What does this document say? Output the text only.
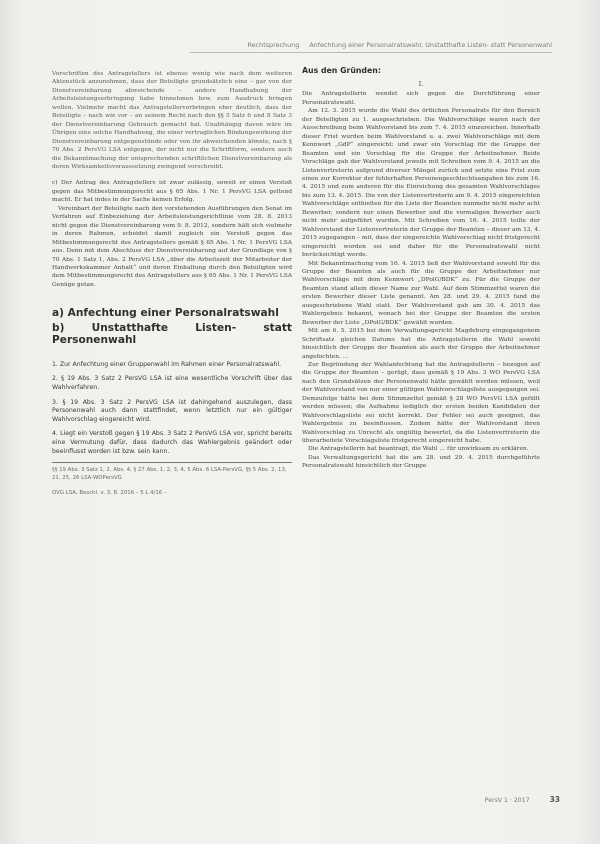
Rechtsprechung Anfechtung einer Personalratswahl; Unstatthafte Listen- statt Personenwahl

Vorschriften des Antragstellers ist ebenso wenig wie nach dem weiteren Aktenstück anzunehmen, dass der Beteiligte grundsätzlich eine – gar von der Dienstvereinbarung abweichende – andere Handhabung der Arbeitsleistungserbringung habe hinnehmen bzw. zum Ausdruck bringen wollen. Vielmehr macht das Antragstellervorbringen eher deutlich, dass der Beteiligte – nach wie vor – an seinem Recht nach den §§ 5 Satz 6 und 8 Satz 3 der Dienstvereinbarung Gebrauch gemacht hat. Unabhängig davon wäre im Übrigen eine solche Handhabung, die einer vertraglichen Bindungswirkung der Dienstvereinbarung entgegenstünde oder von ihr abweichenden könnte, nach § 70 Abs. 2 PersVG LSA entgegen, der nicht nur die Schriftform, sondern auch die Bekanntmachung der entsprechenden schriftlichen Dienstvereinbarung als deren Wirksamkeitsvoraussetzung zwingend vorschreibt.

c) Der Antrag des Antragstellers ist zwar zulässig, soweit er einen Verstoß gegen das Mitbestimmungsrecht aus § 65 Abs. 1 Nr. 1 PersVG LSA geltend macht. Er hat indes in der Sache keinen Erfolg.

Vereinbart der Beteiligte nach den vorstehenden Ausführungen den Senat im Verfahren auf Einbeziehung der Arbeitsleistungsrichtlinie vom 28. 8. 2013 nicht gegen die Dienstvereinbarung vom 9. 8. 2012, sondern hält sich vielmehr in deren Rahmen, scheidet damit zugleich ein Verstoß gegen das Mitbestimmungsrecht des Antragstellers gemäß § 65 Abs. 1 Nr. 1 PersVG LSA aus. Denn mit dem Abschluss der Dienstvereinbarung auf der Grundlage von § 70 Abs. 1 Satz 1, Abs. 2 PersVG LSA „über die Arbeitszeit der Mitarbeiter der Handwerkskammer Anhalt“ und deren Einhaltung durch den Beteiligten wird dem Mitbestimmungsrecht des Antragstellers aus § 65 Abs. 1 Nr. 1 PersVG LSA Genüge getan.

a) Anfechtung einer Personalratswahl
b) Unstatthafte Listen- statt Personenwahl

1. Zur Anfechtung einer Gruppenwahl im Rahmen einer Personalratswahl.

2. § 19 Abs. 3 Satz 2 PersVG LSA ist eine wesentliche Vorschrift über das Wahlverfahren.

3. § 19 Abs. 3 Satz 2 PersVG LSA ist dahingehend auszulegen, dass Personenwahl auch dann stattfindet, wenn letztlich nur ein gültiger Wahlvorschlag eingereicht wird.

4. Liegt ein Verstoß gegen § 19 Abs. 3 Satz 2 PersVG LSA vor, spricht bereits eine Vermutung dafür, dass dadurch das Wahlergebnis geändert oder beeinflusst worden ist bzw. sein kann.

§§ 19 Abs. 3 Satz 1, 2, Abs. 4, § 27 Abs. 1, 2, 3, 4, 5 Abs. 6 LSA-PersVG, §§ 5 Abs. 2, 13, 21, 25, 26 LSA-WOPersVG
OVG LSA, Beschl. v. 3. 8. 2016 – 5 L 4/16 –
Aus den Gründen:
I.

Die Antragstellerin wendet sich gegen die Durchführung einer Personalratswahl.

Am 12. 3. 2015 wurde die Wahl des örtlichen Personalrats für den Bereich der Beteiligten zu 1. ausgeschrieben. Die Wahlvorschläge waren nach der Ausschreibung beim Wahlvorstand bis zum 7. 4. 2015 einzureichen. Innerhalb dieser Frist wurden beim Wahlvorstand u. a. zwei Wahlvorschläge mit dem Kennwort „GdP“ eingereicht: und zwar ein Vorschlag für die Gruppe der Beamten und ein Vorschlag für die Gruppe der Arbeitnehmer. Beide Vorschläge gab der Wahlvorstand jeweils mit Schreiben vom 9. 4. 2015 an die Listenvertreterin aufgrund diverser Mängel zurück und setzte eine Frist zum einen zur Korrektur der fehlerhaften Personengeschlechtsangaben bis zum 16. 4. 2015 und zum anderen für die Einreichung des gesamten Wahlvorschlages bis zum 13. 4. 2015. Die von der Listenvertreterin am 9. 4. 2015 eingereichten Wahlvorschläge enthielten für die Liste der Beamten nunmehr nicht mehr acht Bewerber, sondern nur einen Bewerber und die vormaligen Bewerber auch nicht mehr aufgeführt wurden. Mit Schreiben vom 16. 4. 2015 teilte der Wahlvorstand der Listenvertreterin der Gruppe der Beamten – dieser am 13. 4. 2015 zugegangen – mit, dass der eingereichte Wahlvorschlag nicht fristgerecht eingereicht worden sei und daher für die Personalratswahl nicht berücksichtigt werde.

Mit Bekanntmachung vom 16. 4. 2015 ließ der Wahlvorstand sowohl für die Gruppe der Beamten als auch für die Gruppe der Arbeitnehmer nur Wahlvorschläge mit dem Kennwort „DPolG/BDK“ zu. Für die Gruppe der Beamten stand allein dieser Name zur Wahl. Auf dem Stimmzettel waren die ersten Bewerber dieser Liste genannt. Am 28. und 29. 4. 2015 fand die ausgeschriebene Wahl statt. Der Wahlvorstand gab am 30. 4. 2015 das Wahlergebnis bekannt, wonach bei der Gruppe der Beamten die ersten Bewerber der Liste „DPolG/BDK“ gewählt wurden.

Mit am 6. 5. 2015 bei dem Verwaltungsgericht Magdeburg eingegangenem Schriftsatz gleichen Datums hat die Antragstellerin die Wahl sowohl hinsichtlich der Gruppe der Beamten als auch der Gruppe der Arbeitnehmer angefochten. …

Zur Begründung der Wahlanfechtung hat die Antragstellerin – bezogen auf die Gruppe der Beamten – gerügt, dass gemäß § 19 Abs. 3 WO PersVG LSA nach den Grundsätzen der Personenwahl hätte gewählt werden müssen, weil der Wahlvorstand von nur einer gültigen Wahlvorschlagsliste ausgegangen sei. Demzufolge hätte bei dem Stimmzettel gemäß § 28 WO PersVG LSA gefüllt werden müssen; die Aufnahme lediglich der ersten beiden Kandidaten der Wahlvorschlagsliste sei nicht korrekt. Der Fehler sei auch geeignet, das Wahlergebnis zu beeinflussen. Zudem hätte der Wahlvorstand ihren Wahlvorschlag zu Unrecht als ungültig bewertet, da die Listenvertreterin die überarbeitete Vorschlagsliste fristgerecht eingereicht habe.

Die Antragstellerin hat beantragt, die Wahl … für unwirksam zu erklären.

Das Verwaltungsgericht hat die am 28. und 29. 4. 2015 durchgeführte Personalratswahl hinsichtlich der Gruppe

PersV 1 · 2017	33
